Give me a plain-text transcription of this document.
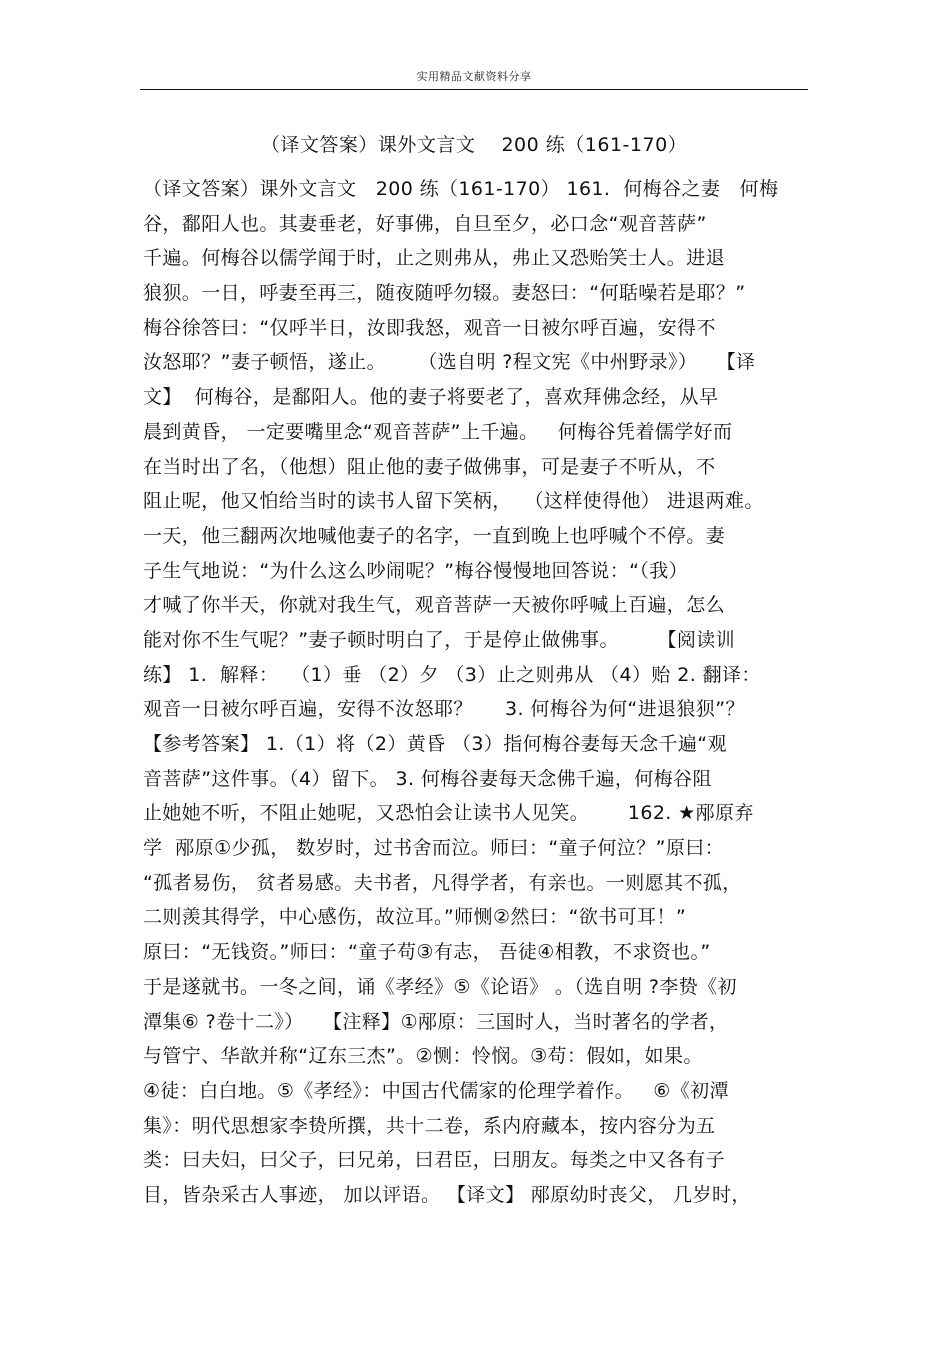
实用精品文献资料分享
（译文答案）课外文言文    200 练（161-170）
（译文答案）课外文言文   200 练（161-170） 161.  何梅谷之妻   何梅
谷，鄱阳人也。其妻垂老，好事佛，自旦至夕，必口念“观音菩萨”
千遍。何梅谷以儒学闻于时，止之则弗从，弗止又恐贻笑士人。进退
狼狈。一日，呼妻至再三，随夜随呼勿辍。妻怒曰：“何聒噪若是耶？”
梅谷徐答曰：“仅呼半日，汝即我怒，观音一日被尔呼百遍，安得不
汝怒耶？”妻子顿悟，遂止。     （选自明 ?程文宪《中州野录》）   【译
文】  何梅谷，是鄱阳人。他的妻子将要老了，喜欢拜佛念经，从早
晨到黄昏， 一定要嘴里念“观音菩萨”上千遍。   何梅谷凭着儒学好而
在当时出了名，（他想）阻止他的妻子做佛事，可是妻子不听从，不
阻止呢，他又怕给当时的读书人留下笑柄，  （这样使得他） 进退两难。
一天，他三翻两次地喊他妻子的名字，一直到晚上也呼喊个不停。妻
子生气地说：“为什么这么吵闹呢？”梅谷慢慢地回答说：“（我）
才喊了你半天，你就对我生气，观音菩萨一天被你呼喊上百遍，怎么
能对你不生气呢？”妻子顿时明白了，于是停止做佛事。      【阅读训
练】 1.  解释：  （1）垂 （2）夕 （3）止之则弗从 （4）贻 2. 翻译：
观音一日被尔呼百遍，安得不汝怒耶？     3. 何梅谷为何“进退狼狈”？
【参考答案】 1.（1）将（2）黄昏 （3）指何梅谷妻每天念千遍“观
音菩萨”这件事。（4）留下。 3. 何梅谷妻每天念佛千遍，何梅谷阻
止她她不听，不阻止她呢，又恐怕会让读书人见笑。      162. ★邴原弃
学  邴原①少孤， 数岁时，过书舍而泣。师曰：“童子何泣？”原曰：
“孤者易伤， 贫者易感。夫书者，凡得学者，有亲也。一则愿其不孤，
二则羡其得学，中心感伤，故泣耳。”师恻②然曰：“欲书可耳！”
原曰：“无钱资。”师曰：“童子苟③有志， 吾徒④相教，不求资也。”
于是遂就书。一冬之间，诵《孝经》⑤《论语》 。（选自明 ?李贽《初
潭集⑥ ?卷十二》）   【注释】①邴原：三国时人，当时著名的学者，
与管宁、华歆并称“辽东三杰”。②恻：怜悯。③苟：假如，如果。
④徒：白白地。⑤《孝经》：中国古代儒家的伦理学着作。   ⑥《初潭
集》：明代思想家李贽所撰，共十二卷，系内府藏本，按内容分为五
类：曰夫妇，曰父子，曰兄弟，曰君臣，曰朋友。每类之中又各有子
目，皆杂采古人事迹， 加以评语。 【译文】 邴原幼时丧父， 几岁时，
